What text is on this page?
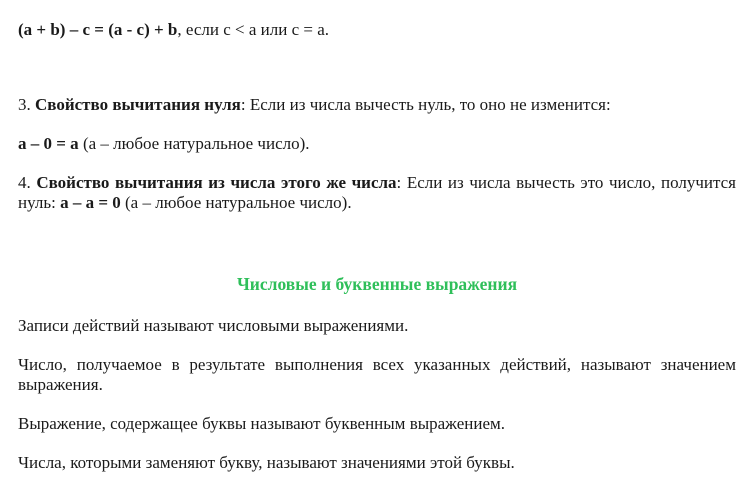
(a + b) – c = (a - c) + b, если c < a или c = a.
3. Свойство вычитания нуля: Если из числа вычесть нуль, то оно не изменится:
a – 0 = a (a – любое натуральное число).
4. Свойство вычитания из числа этого же числа: Если из числа вычесть это число, получится нуль: a – a = 0 (a – любое натуральное число).
Числовые и буквенные выражения
Записи действий называют числовыми выражениями.
Число, получаемое в результате выполнения всех указанных действий, называют значением выражения.
Выражение, содержащее буквы называют буквенным выражением.
Числа, которыми заменяют букву, называют значениями этой буквы.
